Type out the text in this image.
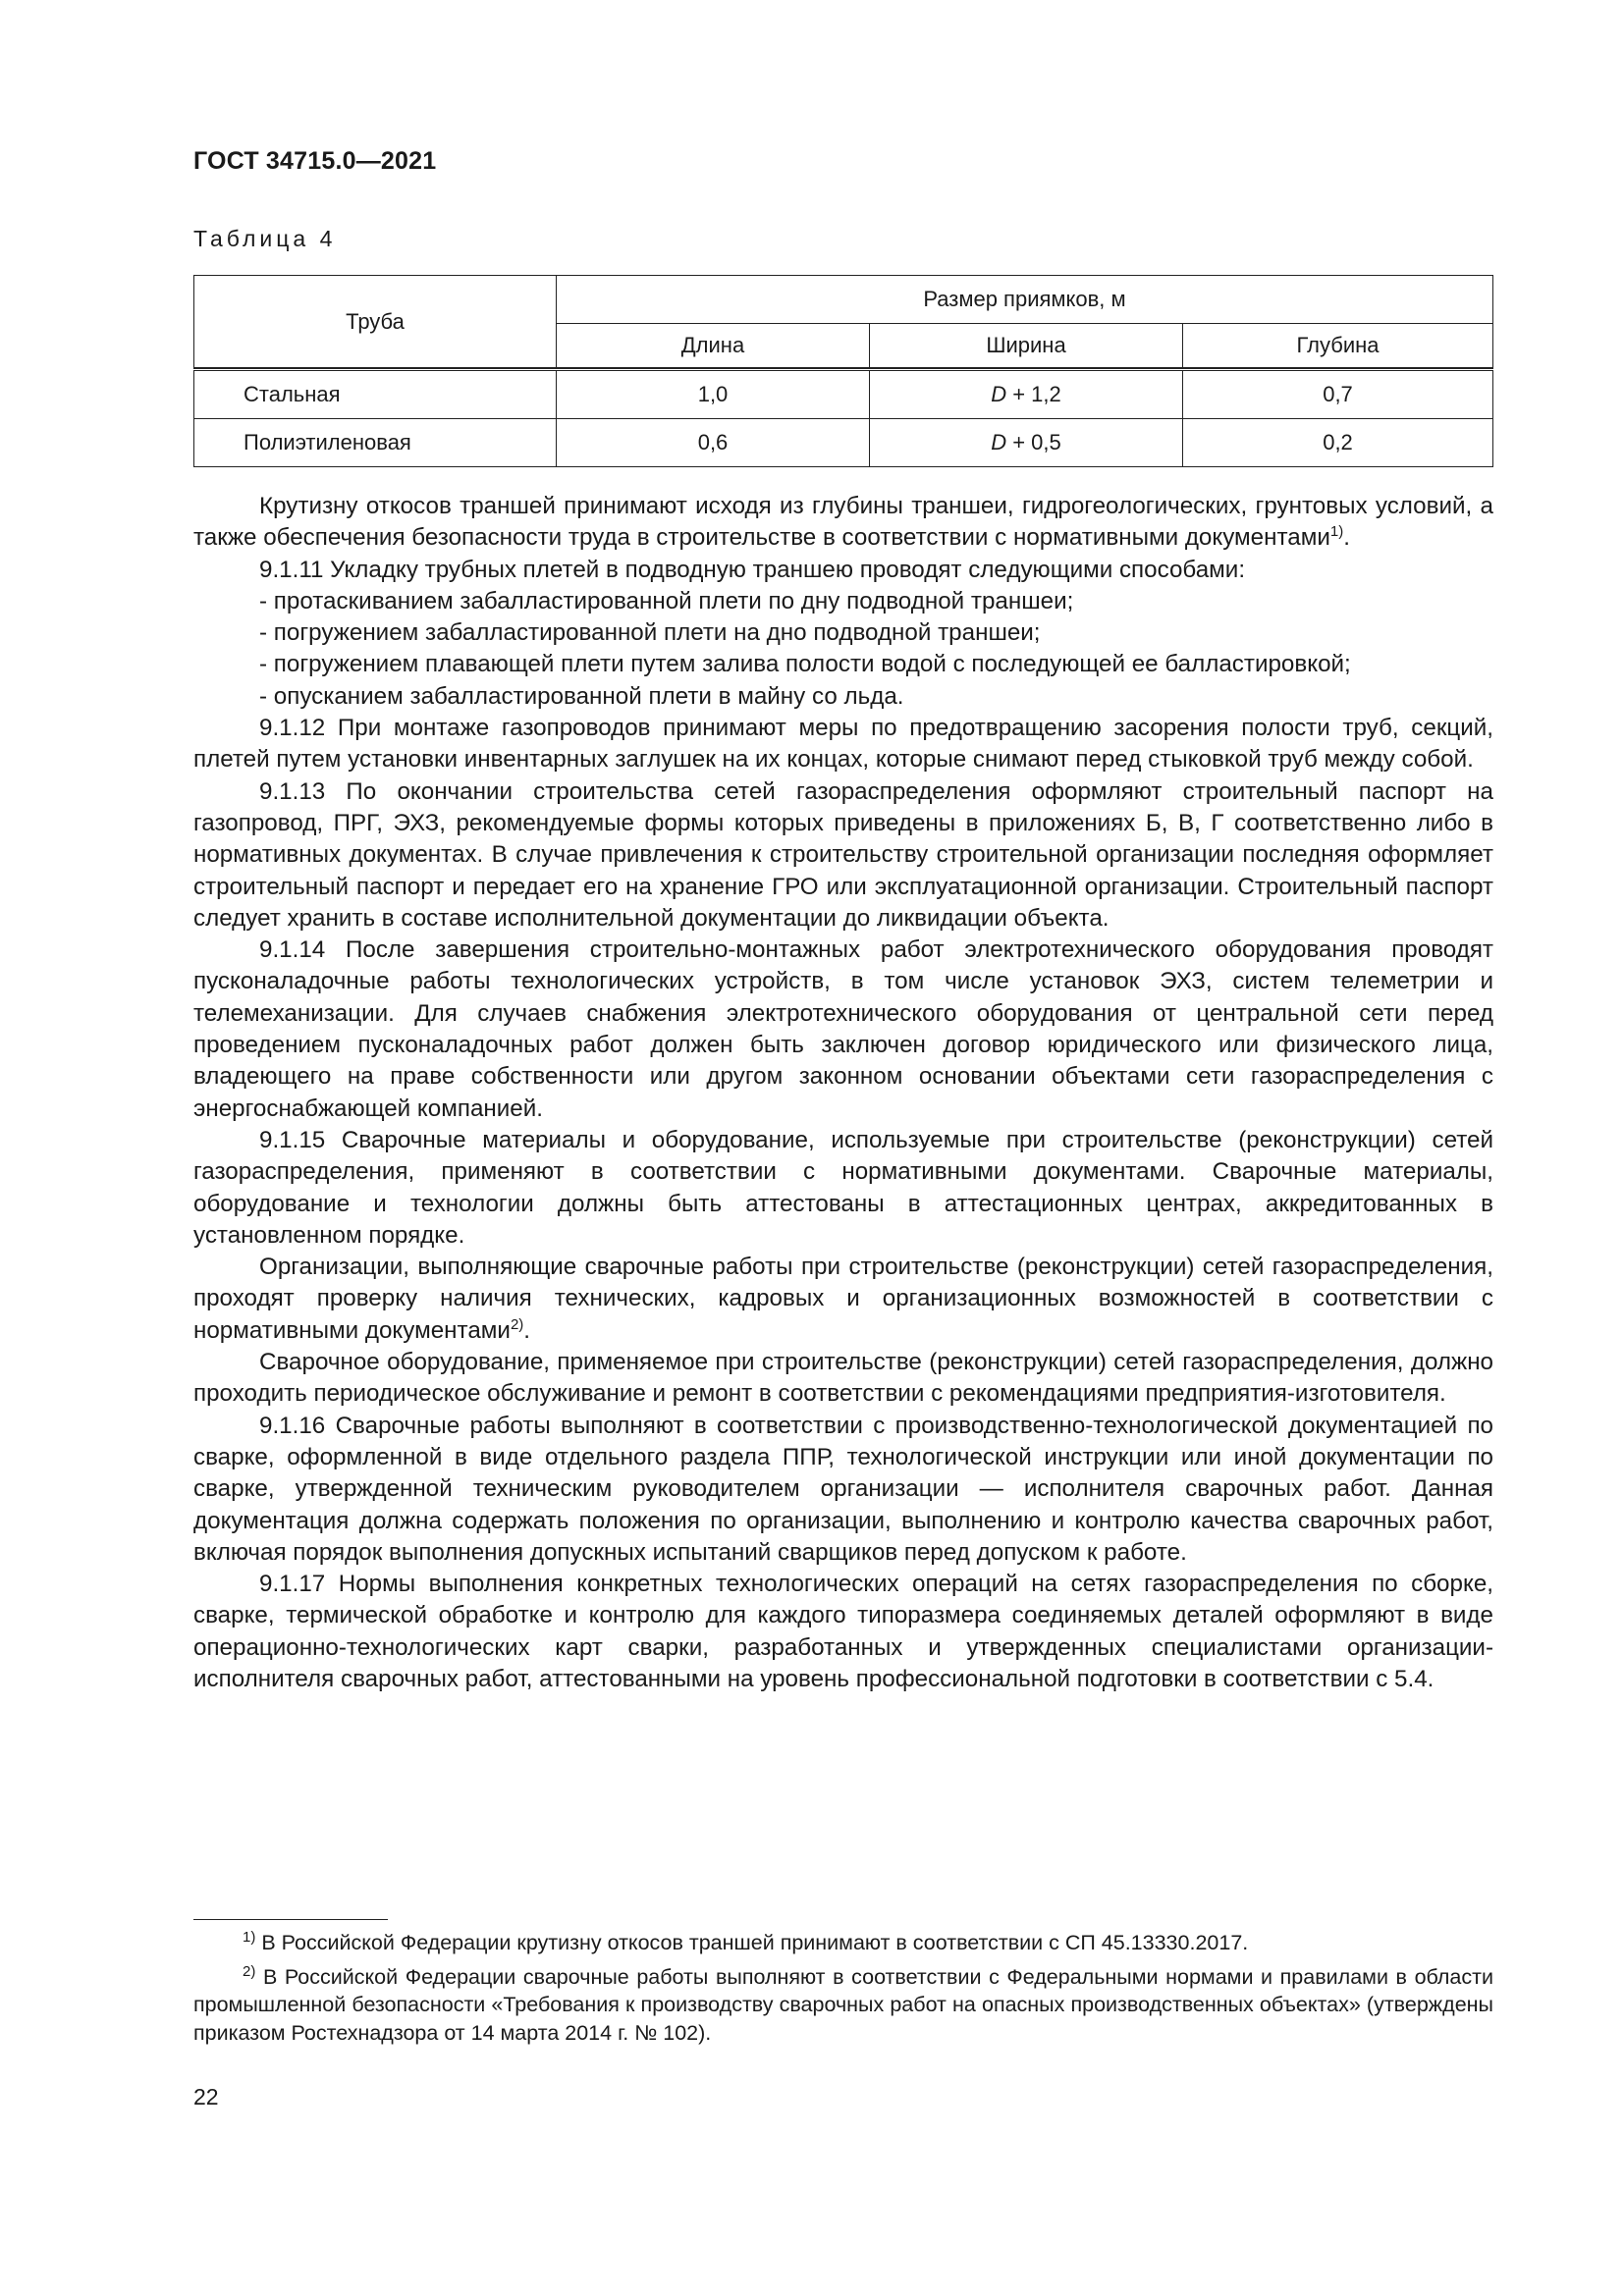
ГОСТ 34715.0—2021
Таблица 4
Труба	Размер приямков, м		
	Длина	Ширина	Глубина

Стальная	1,0	D + 1,2	0,7
Полиэтиленовая	0,6	D + 0,5	0,2

Крутизну откосов траншей принимают исходя из глубины траншеи, гидрогеологических, грунтовых условий, а также обеспечения безопасности труда в строительстве в соответствии с нормативными документами$^{1)}$.

9.1.11 Укладку трубных плетей в подводную траншею проводят следующими способами:

- протаскиванием забалластированной плети по дну подводной траншеи;

- погружением забалластированной плети на дно подводной траншеи;

- погружением плавающей плети путем залива полости водой с последующей ее балластировкой;

- опусканием забалластированной плети в майну со льда.

9.1.12 При монтаже газопроводов принимают меры по предотвращению засорения полости труб, секций, плетей путем установки инвентарных заглушек на их концах, которые снимают перед стыковкой труб между собой.

9.1.13 По окончании строительства сетей газораспределения оформляют строительный паспорт на газопровод, ПРГ, ЭХЗ, рекомендуемые формы которых приведены в приложениях Б, В, Г соответственно либо в нормативных документах. В случае привлечения к строительству строительной организации последняя оформляет строительный паспорт и передает его на хранение ГРО или эксплуатационной организации. Строительный паспорт следует хранить в составе исполнительной документации до ликвидации объекта.

9.1.14 После завершения строительно-монтажных работ электротехнического оборудования проводят пусконаладочные работы технологических устройств, в том числе установок ЭХЗ, систем телеметрии и телемеханизации. Для случаев снабжения электротехнического оборудования от центральной сети перед проведением пусконаладочных работ должен быть заключен договор юридического или физического лица, владеющего на праве собственности или другом законном основании объектами сети газораспределения с энергоснабжающей компанией.

9.1.15 Сварочные материалы и оборудование, используемые при строительстве (реконструкции) сетей газораспределения, применяют в соответствии с нормативными документами. Сварочные материалы, оборудование и технологии должны быть аттестованы в аттестационных центрах, аккредитованных в установленном порядке.

Организации, выполняющие сварочные работы при строительстве (реконструкции) сетей газораспределения, проходят проверку наличия технических, кадровых и организационных возможностей в соответствии с нормативными документами$^{2)}$.

Сварочное оборудование, применяемое при строительстве (реконструкции) сетей газораспределения, должно проходить периодическое обслуживание и ремонт в соответствии с рекомендациями предприятия-изготовителя.

9.1.16 Сварочные работы выполняют в соответствии с производственно-технологической документацией по сварке, оформленной в виде отдельного раздела ППР, технологической инструкции или иной документации по сварке, утвержденной техническим руководителем организации — исполнителя сварочных работ. Данная документация должна содержать положения по организации, выполнению и контролю качества сварочных работ, включая порядок выполнения допускных испытаний сварщиков перед допуском к работе.

9.1.17 Нормы выполнения конкретных технологических операций на сетях газораспределения по сборке, сварке, термической обработке и контролю для каждого типоразмера соединяемых деталей оформляют в виде операционно-технологических карт сварки, разработанных и утвержденных специалистами организации-исполнителя сварочных работ, аттестованными на уровень профессиональной подготовки в соответствии с 5.4.

$^{1)}$ В Российской Федерации крутизну откосов траншей принимают в соответствии с СП 45.13330.2017.

$^{2)}$ В Российской Федерации сварочные работы выполняют в соответствии с Федеральными нормами и правилами в области промышленной безопасности «Требования к производству сварочных работ на опасных производственных объектах» (утверждены приказом Ростехнадзора от 14 марта 2014 г. № 102).

22
